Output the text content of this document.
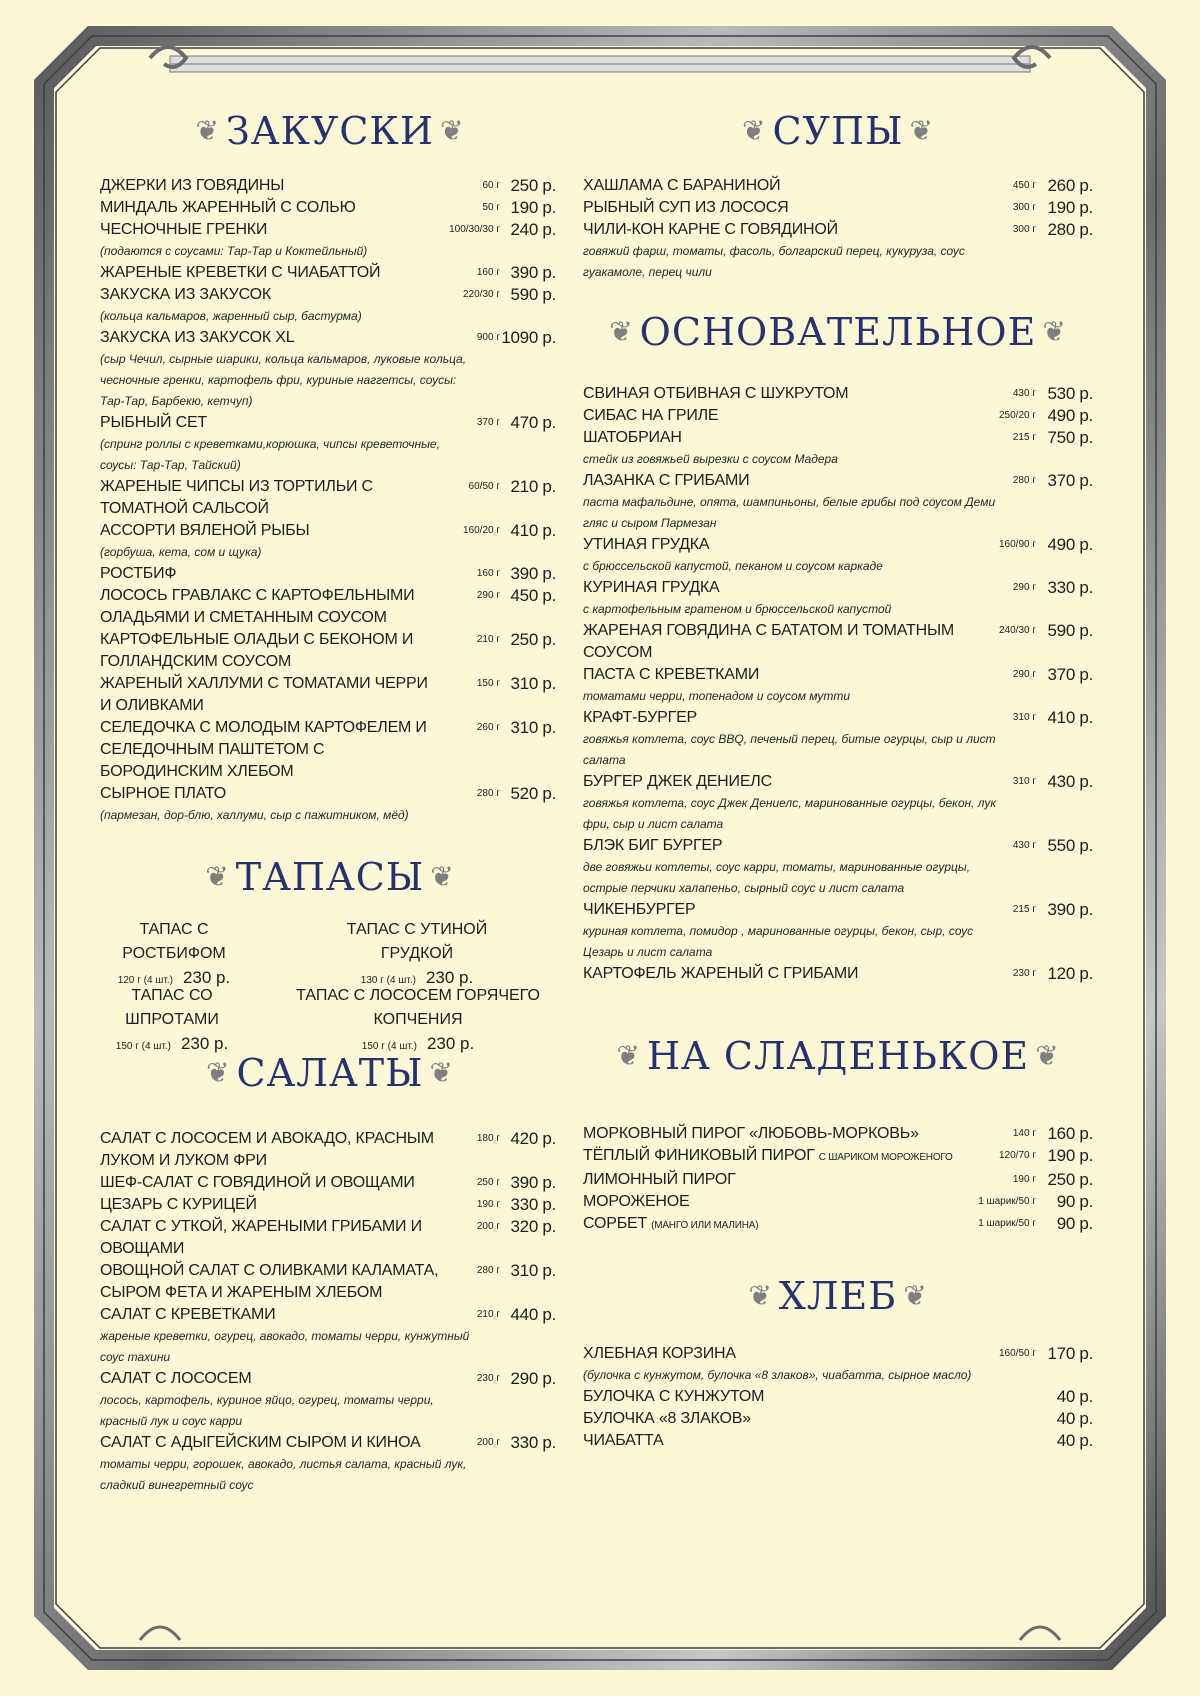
❦ ЗАКУСКИ ❦
ДЖЕРКИ ИЗ ГОВЯДИНЫ	60 г 250 р.
МИНДАЛЬ ЖАРЕННЫЙ С СОЛЬЮ	50 г 190 р.
ЧЕСНОЧНЫЕ ГРЕНКИ	100/30/30 г 240 р.
(подаются с соусами: Тар-Тар и Коктейльный)
ЖАРЕНЫЕ КРЕВЕТКИ С ЧИАБАТТОЙ	160 г 390 р.
ЗАКУСКА ИЗ ЗАКУСОК	220/30 г 590 р.
(кольца кальмаров, жаренный сыр, бастурма)
ЗАКУСКА ИЗ ЗАКУСОК XL	900 г 1090 р.
(сыр Чечил, сырные шарики, кольца кальмаров, луковые кольца, чесночные гренки, картофель фри, куриные наггетсы, соусы: Тар-Тар, Барбекю, кетчуп)
РЫБНЫЙ СЕТ	370 г 470 р.
(спринг роллы с креветками,корюшка, чипсы креветочные, соусы: Тар-Тар, Тайский)
ЖАРЕНЫЕ ЧИПСЫ ИЗ ТОРТИЛЬИ С ТОМАТНОЙ САЛЬСОЙ
60/50 г 210 р.
АССОРТИ ВЯЛЕНОЙ РЫБЫ	160/20 г 410 р.
(горбуша, кета, сом и щука)
РОСТБИФ	160 г 390 р.
ЛОСОСЬ ГРАВЛАКС С КАРТОФЕЛЬНЫМИ ОЛАДЬЯМИ И СМЕТАННЫМ СОУСОМ
290 г 450 р.
КАРТОФЕЛЬНЫЕ ОЛАДЬИ С БЕКОНОМ И ГОЛЛАНДСКИМ СОУСОМ
210 г 250 р.
ЖАРЕНЫЙ ХАЛЛУМИ С ТОМАТАМИ ЧЕРРИ И ОЛИВКАМИ
150 г 310 р.
СЕЛЕДОЧКА С МОЛОДЫМ КАРТОФЕЛЕМ И СЕЛЕДОЧНЫМ ПАШТЕТОМ С БОРОДИНСКИМ ХЛЕБОМ
260 г 310 р.
СЫРНОЕ ПЛАТО	280 г 520 р.
(пармезан, дор-блю, халлуми, сыр с пажитником, мёд)
❦ ТАПАСЫ ❦
ТАПАС С РОСТБИФОМ
120 г (4 шт.) 230 р.
ТАПАС С УТИНОЙ ГРУДКОЙ
130 г (4 шт.) 230 р.
ТАПАС СО ШПРОТАМИ
150 г (4 шт.) 230 р.
ТАПАС С ЛОСОСЕМ ГОРЯЧЕГО КОПЧЕНИЯ
150 г (4 шт.) 230 р.
❦ САЛАТЫ ❦
САЛАТ С ЛОСОСЕМ И АВОКАДО, КРАСНЫМ ЛУКОМ И ЛУКОМ ФРИ
180 г 420 р.
ШЕФ-САЛАТ С ГОВЯДИНОЙ И ОВОЩАМИ	250 г 390 р.
ЦЕЗАРЬ С КУРИЦЕЙ	190 г 330 р.
САЛАТ С УТКОЙ, ЖАРЕНЫМИ ГРИБАМИ И ОВОЩАМИ
200 г 320 р.
ОВОЩНОЙ САЛАТ С ОЛИВКАМИ КАЛАМАТА, СЫРОМ ФЕТА И ЖАРЕНЫМ ХЛЕБОМ
280 г 310 р.
САЛАТ С КРЕВЕТКАМИ	210 г 440 р.
жареные креветки, огурец, авокадо, томаты черри, кунжутный соус тахини
САЛАТ С ЛОСОСЕМ	230 г 290 р.
лосось, картофель, куриное яйцо, огурец, томаты черри, красный лук и соус карри
САЛАТ С АДЫГЕЙСКИМ СЫРОМ И КИНОА	200 г 330 р.
томаты черри, горошек, авокадо, листья салата, красный лук, сладкий винегретный соус
❦ СУПЫ ❦
ХАШЛАМА С БАРАНИНОЙ	450 г 260 р.
РЫБНЫЙ СУП ИЗ ЛОСОСЯ	300 г 190 р.
ЧИЛИ-КОН КАРНЕ С ГОВЯДИНОЙ	300 г 280 р.
говяжий фарш, томаты, фасоль, болгарский перец, кукуруза, соус гуакамоле, перец чили
❦ ОСНОВАТЕЛЬНОЕ ❦
СВИНАЯ ОТБИВНАЯ С ШУКРУТОМ	430 г 530 р.
СИБАС НА ГРИЛЕ	250/20 г 490 р.
ШАТОБРИАН	215 г 750 р.
стейк из говяжьей вырезки с соусом Мадера
ЛАЗАНКА С ГРИБАМИ	280 г 370 р.
паста мафальдине, опята, шампиньоны, белые грибы под соусом Деми гляс и сыром Пармезан
УТИНАЯ ГРУДКА	160/90 г 490 р.
с брюссельской капустой, пеканом и соусом каркаде
КУРИНАЯ ГРУДКА	290 г 330 р.
с картофельным гратеном и брюссельской капустой
ЖАРЕНАЯ ГОВЯДИНА С БАТАТОМ И ТОМАТНЫМ СОУСОМ
240/30 г 590 р.
ПАСТА С КРЕВЕТКАМИ	290 г 370 р.
томатами черри, топенадом и соусом мутти
КРАФТ-БУРГЕР	310 г 410 р.
говяжья котлета, соус BBQ, печеный перец, битые огурцы, сыр и лист салата
БУРГЕР ДЖЕК ДЕНИЕЛС	310 г 430 р.
говяжья котлета, соус Джек Дениелс, маринованные огурцы, бекон, лук фри, сыр и лист салата
БЛЭК БИГ БУРГЕР	430 г 550 р.
две говяжьи котлеты, соус карри, томаты, маринованные огурцы, острые перчики халапеньо, сырный соус и лист салата
ЧИКЕНБУРГЕР	215 г 390 р.
куриная котлета, помидор , маринованные огурцы, бекон, сыр, соус Цезарь и лист салата
КАРТОФЕЛЬ ЖАРЕНЫЙ С ГРИБАМИ	230 г 120 р.
❦ НА СЛАДЕНЬКОЕ ❦
МОРКОВНЫЙ ПИРОГ «ЛЮБОВЬ-МОРКОВЬ»	140 г 160 р.
ТЁПЛЫЙ ФИНИКОВЫЙ ПИРОГ С ШАРИКОМ МОРОЖЕНОГО	120/70 г 190 р.
ЛИМОННЫЙ ПИРОГ	190 г 250 р.
МОРОЖЕНОЕ	1 шарик/50 г 90 р.
СОРБЕТ (МАНГО ИЛИ МАЛИНА)	1 шарик/50 г 90 р.
❦ ХЛЕБ ❦
ХЛЕБНАЯ КОРЗИНА	160/50 г 170 р.
(булочка с кунжутом, булочка «8 злаков», чиабатта, сырное масло)
БУЛОЧКА С КУНЖУТОМ	40 р.
БУЛОЧКА «8 ЗЛАКОВ»	40 р.
ЧИАБАТТА	40 р.
